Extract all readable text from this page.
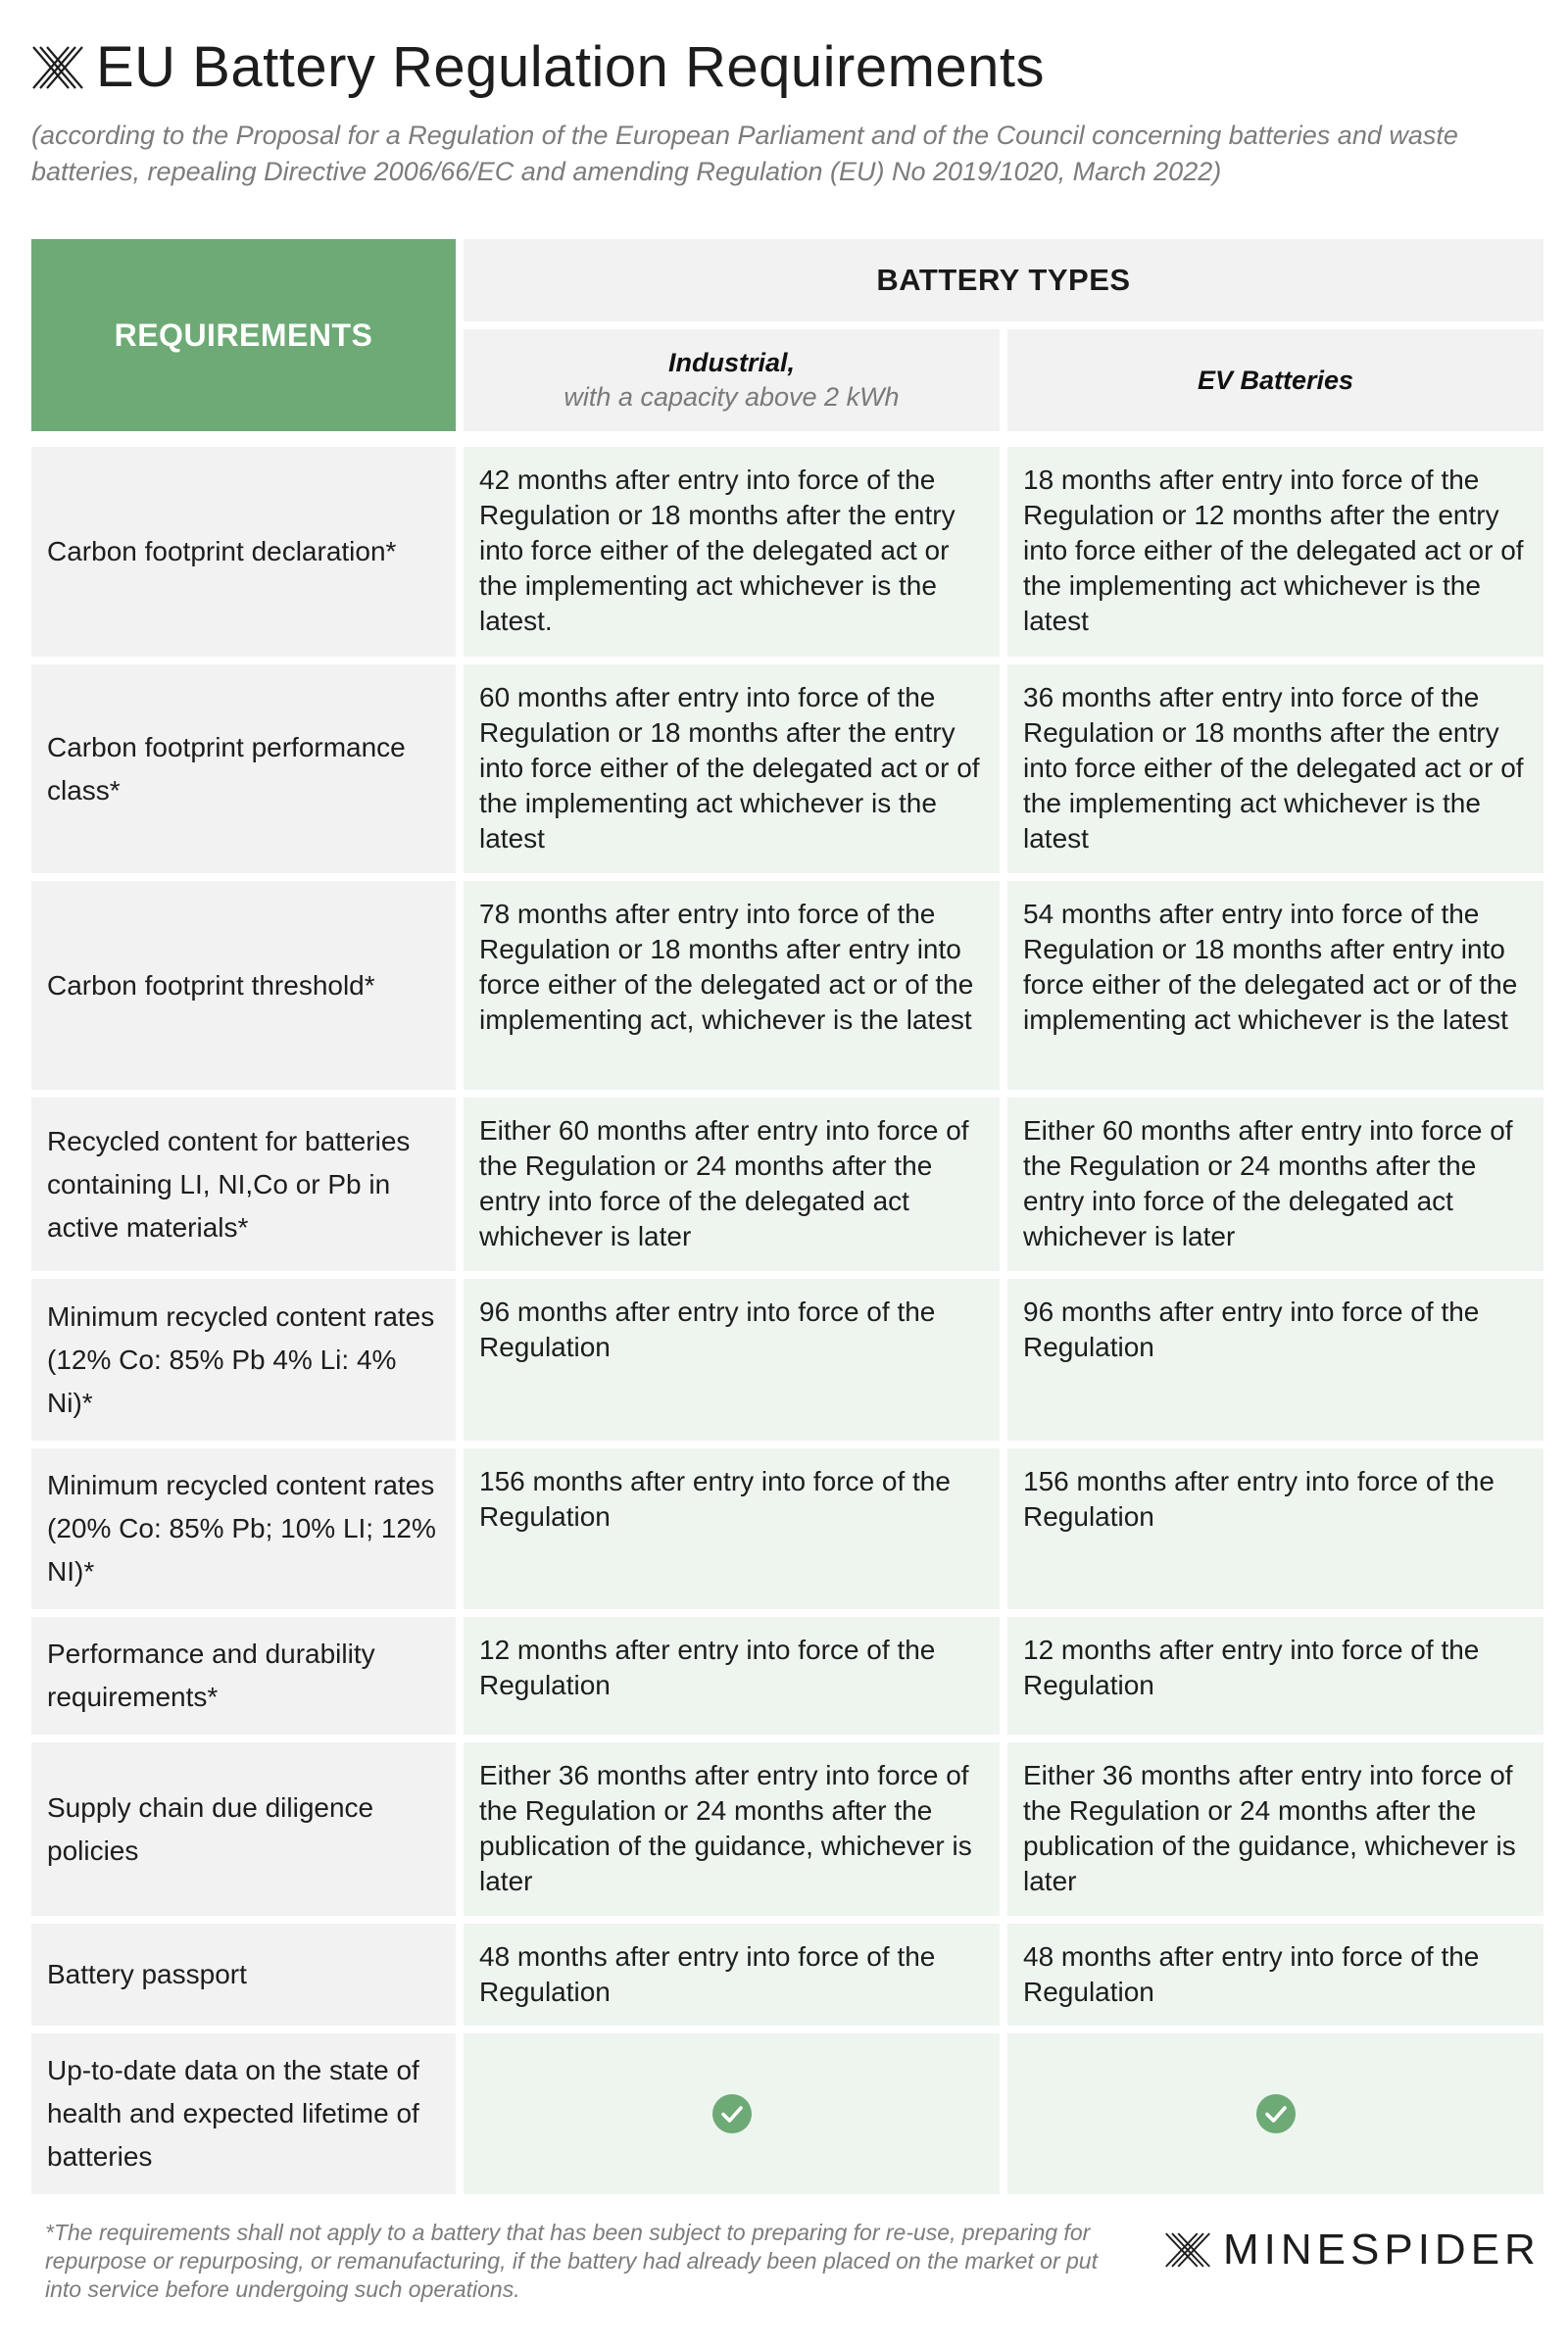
EU Battery Regulation Requirements
(according to the Proposal for a Regulation of the European Parliament and of the Council concerning batteries and waste batteries, repealing Directive 2006/66/EC and amending Regulation (EU) No 2019/1020, March 2022)
REQUIREMENTS
BATTERY TYPES
Industrial,
with a capacity above 2 kWh
EV Batteries
Carbon footprint declaration*
42 months after entry into force of the Regulation or 18 months after the entry into force either of the delegated act or the implementing act whichever is the latest.
18 months after entry into force of the Regulation or 12 months after the entry into force either of the delegated act or of the implementing act whichever is the latest
Carbon footprint performance class*
60 months after entry into force of the Regulation or 18 months after the entry into force either of the delegated act or of the implementing act whichever is the latest
36 months after entry into force of the Regulation or 18 months after the entry into force either of the delegated act or of the implementing act whichever is the latest
Carbon footprint threshold*
78 months after entry into force of the Regulation or 18 months after entry into force either of the delegated act or of the implementing act, whichever is the latest
54 months after entry into force of the Regulation or 18 months after entry into force either of the delegated act or of the implementing act whichever is the latest
Recycled content for batteries containing LI, NI,Co or Pb in active materials*
Either 60 months after entry into force of the Regulation or 24 months after the entry into force of the delegated act whichever is later
Either 60 months after entry into force of the Regulation or 24 months after the entry into force of the delegated act whichever is later
Minimum recycled content rates (12% Co: 85% Pb 4% Li: 4% Ni)*
96 months after entry into force of the Regulation
96 months after entry into force of the Regulation
Minimum recycled content rates (20% Co: 85% Pb; 10% LI; 12% NI)*
156 months after entry into force of the Regulation
156 months after entry into force of the Regulation
Performance and durability requirements*
12 months after entry into force of the Regulation
12 months after entry into force of the Regulation
Supply chain due diligence policies
Either 36 months after entry into force of the Regulation or 24 months after the publication of the guidance, whichever is later
Either 36 months after entry into force of the Regulation or 24 months after the publication of the guidance, whichever is later
Battery passport
48 months after entry into force of the Regulation
48 months after entry into force of the Regulation
Up-to-date data on the state of health and expected lifetime of batteries
*The requirements shall not apply to a battery that has been subject to preparing for re-use, preparing for repurpose or repurposing, or remanufacturing, if the battery had already been placed on the market or put into service before undergoing such operations.
MINESPIDER
